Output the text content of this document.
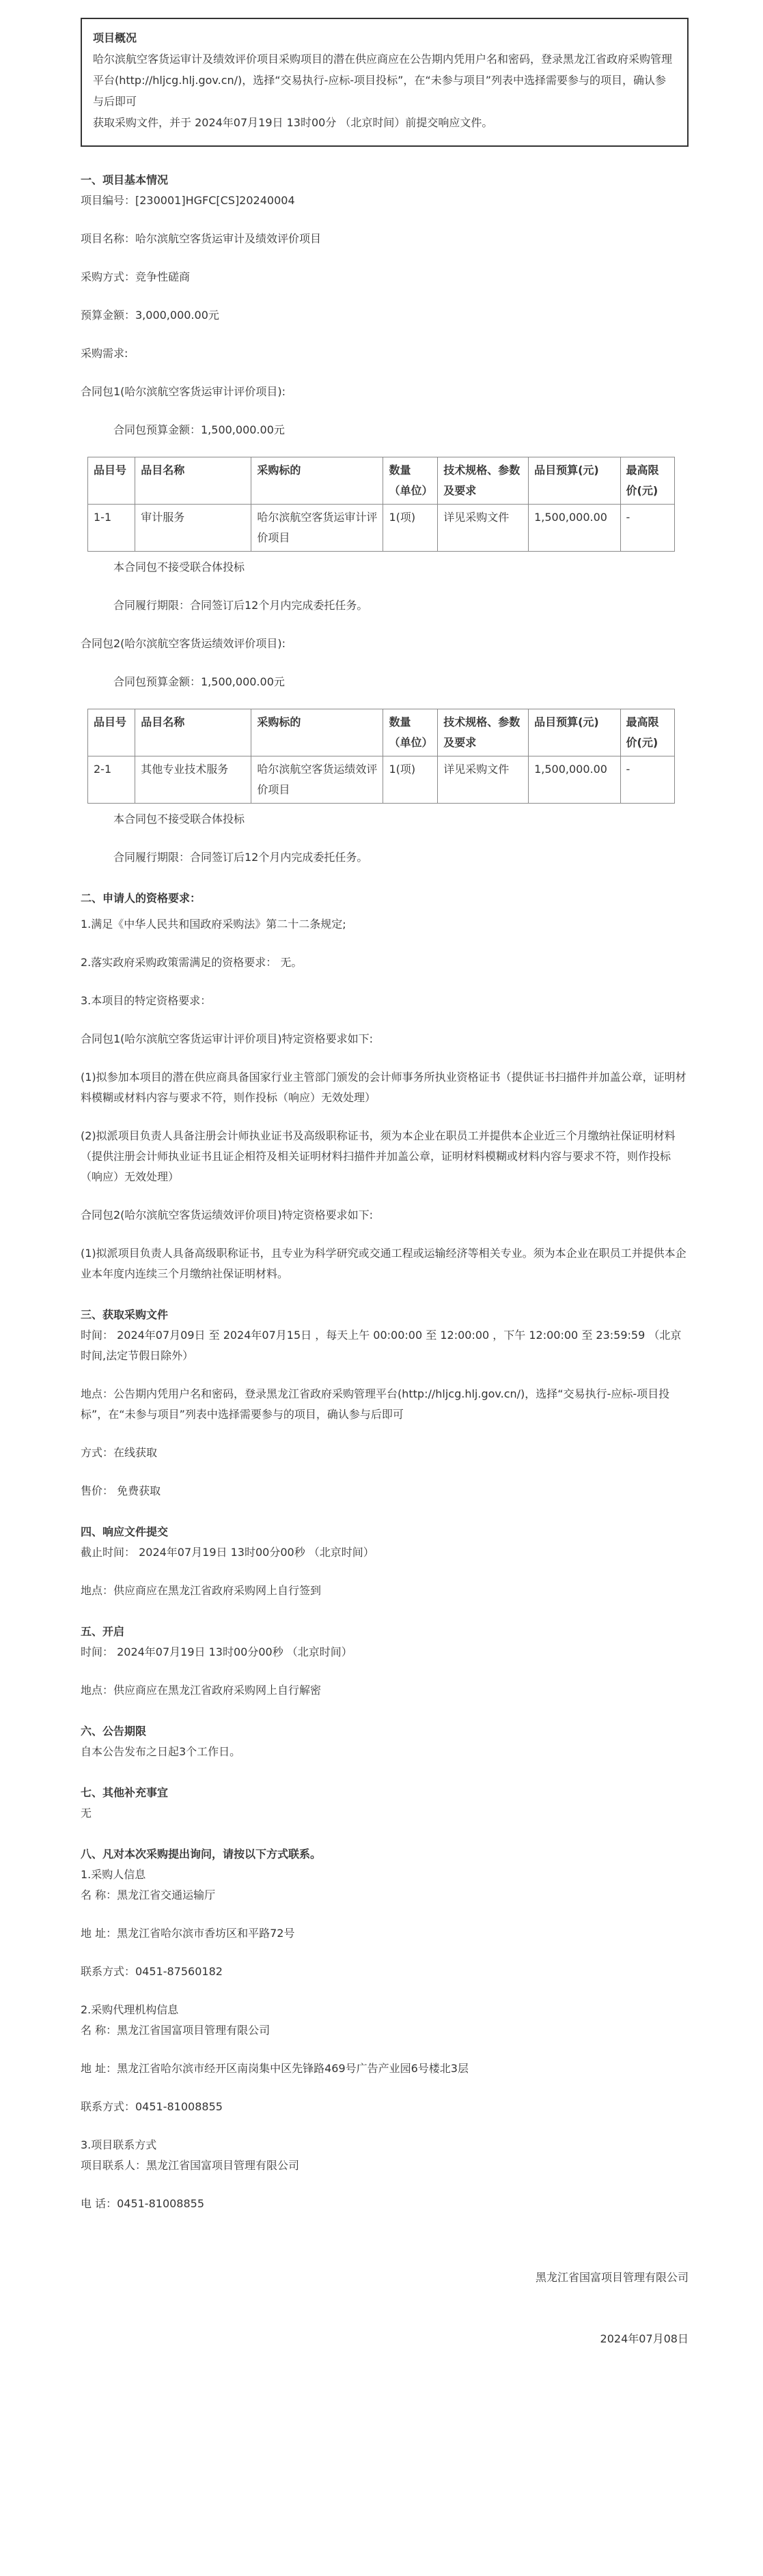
项目概况
哈尔滨航空客货运审计及绩效评价项目采购项目的潜在供应商应在公告期内凭用户名和密码，登录黑龙江省政府采购管理平台(http://hljcg.hlj.gov.cn/)，选择“交易执行-应标-项目投标”，在“未参与项目”列表中选择需要参与的项目，确认参与后即可
获取采购文件，并于 2024年07月19日 13时00分 （北京时间）前提交响应文件。
一、项目基本情况

项目编号：[230001]HGFC[CS]20240004

项目名称：哈尔滨航空客货运审计及绩效评价项目

采购方式：竞争性磋商

预算金额：3,000,000.00元

采购需求:

合同包1(哈尔滨航空客货运审计评价项目):

合同包预算金额：1,500,000.00元

品目号	品目名称	采购标的	数量（单位）	技术规格、参数及要求	品目预算(元)	最高限价(元)
1-1	审计服务	哈尔滨航空客货运审计评价项目	1(项)	详见采购文件	1,500,000.00	-

本合同包不接受联合体投标

合同履行期限：合同签订后12个月内完成委托任务。

合同包2(哈尔滨航空客货运绩效评价项目):

合同包预算金额：1,500,000.00元

品目号	品目名称	采购标的	数量（单位）	技术规格、参数及要求	品目预算(元)	最高限价(元)
2-1	其他专业技术服务	哈尔滨航空客货运绩效评价项目	1(项)	详见采购文件	1,500,000.00	-

本合同包不接受联合体投标

合同履行期限：合同签订后12个月内完成委托任务。

二、申请人的资格要求：

1.满足《中华人民共和国政府采购法》第二十二条规定;

2.落实政府采购政策需满足的资格要求： 无。

3.本项目的特定资格要求：

合同包1(哈尔滨航空客货运审计评价项目)特定资格要求如下:

(1)拟参加本项目的潜在供应商具备国家行业主管部门颁发的会计师事务所执业资格证书（提供证书扫描件并加盖公章，证明材料模糊或材料内容与要求不符，则作投标（响应）无效处理）

(2)拟派项目负责人具备注册会计师执业证书及高级职称证书，须为本企业在职员工并提供本企业近三个月缴纳社保证明材料（提供注册会计师执业证书且证企相符及相关证明材料扫描件并加盖公章，证明材料模糊或材料内容与要求不符，则作投标（响应）无效处理）

合同包2(哈尔滨航空客货运绩效评价项目)特定资格要求如下:

(1)拟派项目负责人具备高级职称证书，且专业为科学研究或交通工程或运输经济等相关专业。须为本企业在职员工并提供本企业本年度内连续三个月缴纳社保证明材料。

三、获取采购文件

时间： 2024年07月09日 至 2024年07月15日 ，每天上午 00:00:00 至 12:00:00 ，下午 12:00:00 至 23:59:59 （北京时间,法定节假日除外）

地点：公告期内凭用户名和密码，登录黑龙江省政府采购管理平台(http://hljcg.hlj.gov.cn/)，选择“交易执行-应标-项目投标”，在“未参与项目”列表中选择需要参与的项目，确认参与后即可

方式：在线获取

售价： 免费获取

四、响应文件提交

截止时间： 2024年07月19日 13时00分00秒 （北京时间）

地点：供应商应在黑龙江省政府采购网上自行签到

五、开启

时间： 2024年07月19日 13时00分00秒 （北京时间）

地点：供应商应在黑龙江省政府采购网上自行解密

六、公告期限

自本公告发布之日起3个工作日。

七、其他补充事宜

无

八、凡对本次采购提出询问，请按以下方式联系。

1.采购人信息

名 称：黑龙江省交通运输厅

地 址：黑龙江省哈尔滨市香坊区和平路72号

联系方式：0451-87560182

2.采购代理机构信息

名 称：黑龙江省国富项目管理有限公司

地 址：黑龙江省哈尔滨市经开区南岗集中区先锋路469号广告产业园6号楼北3层

联系方式：0451-81008855

3.项目联系方式

项目联系人：黑龙江省国富项目管理有限公司

电 话：0451-81008855

黑龙江省国富项目管理有限公司
2024年07月08日
